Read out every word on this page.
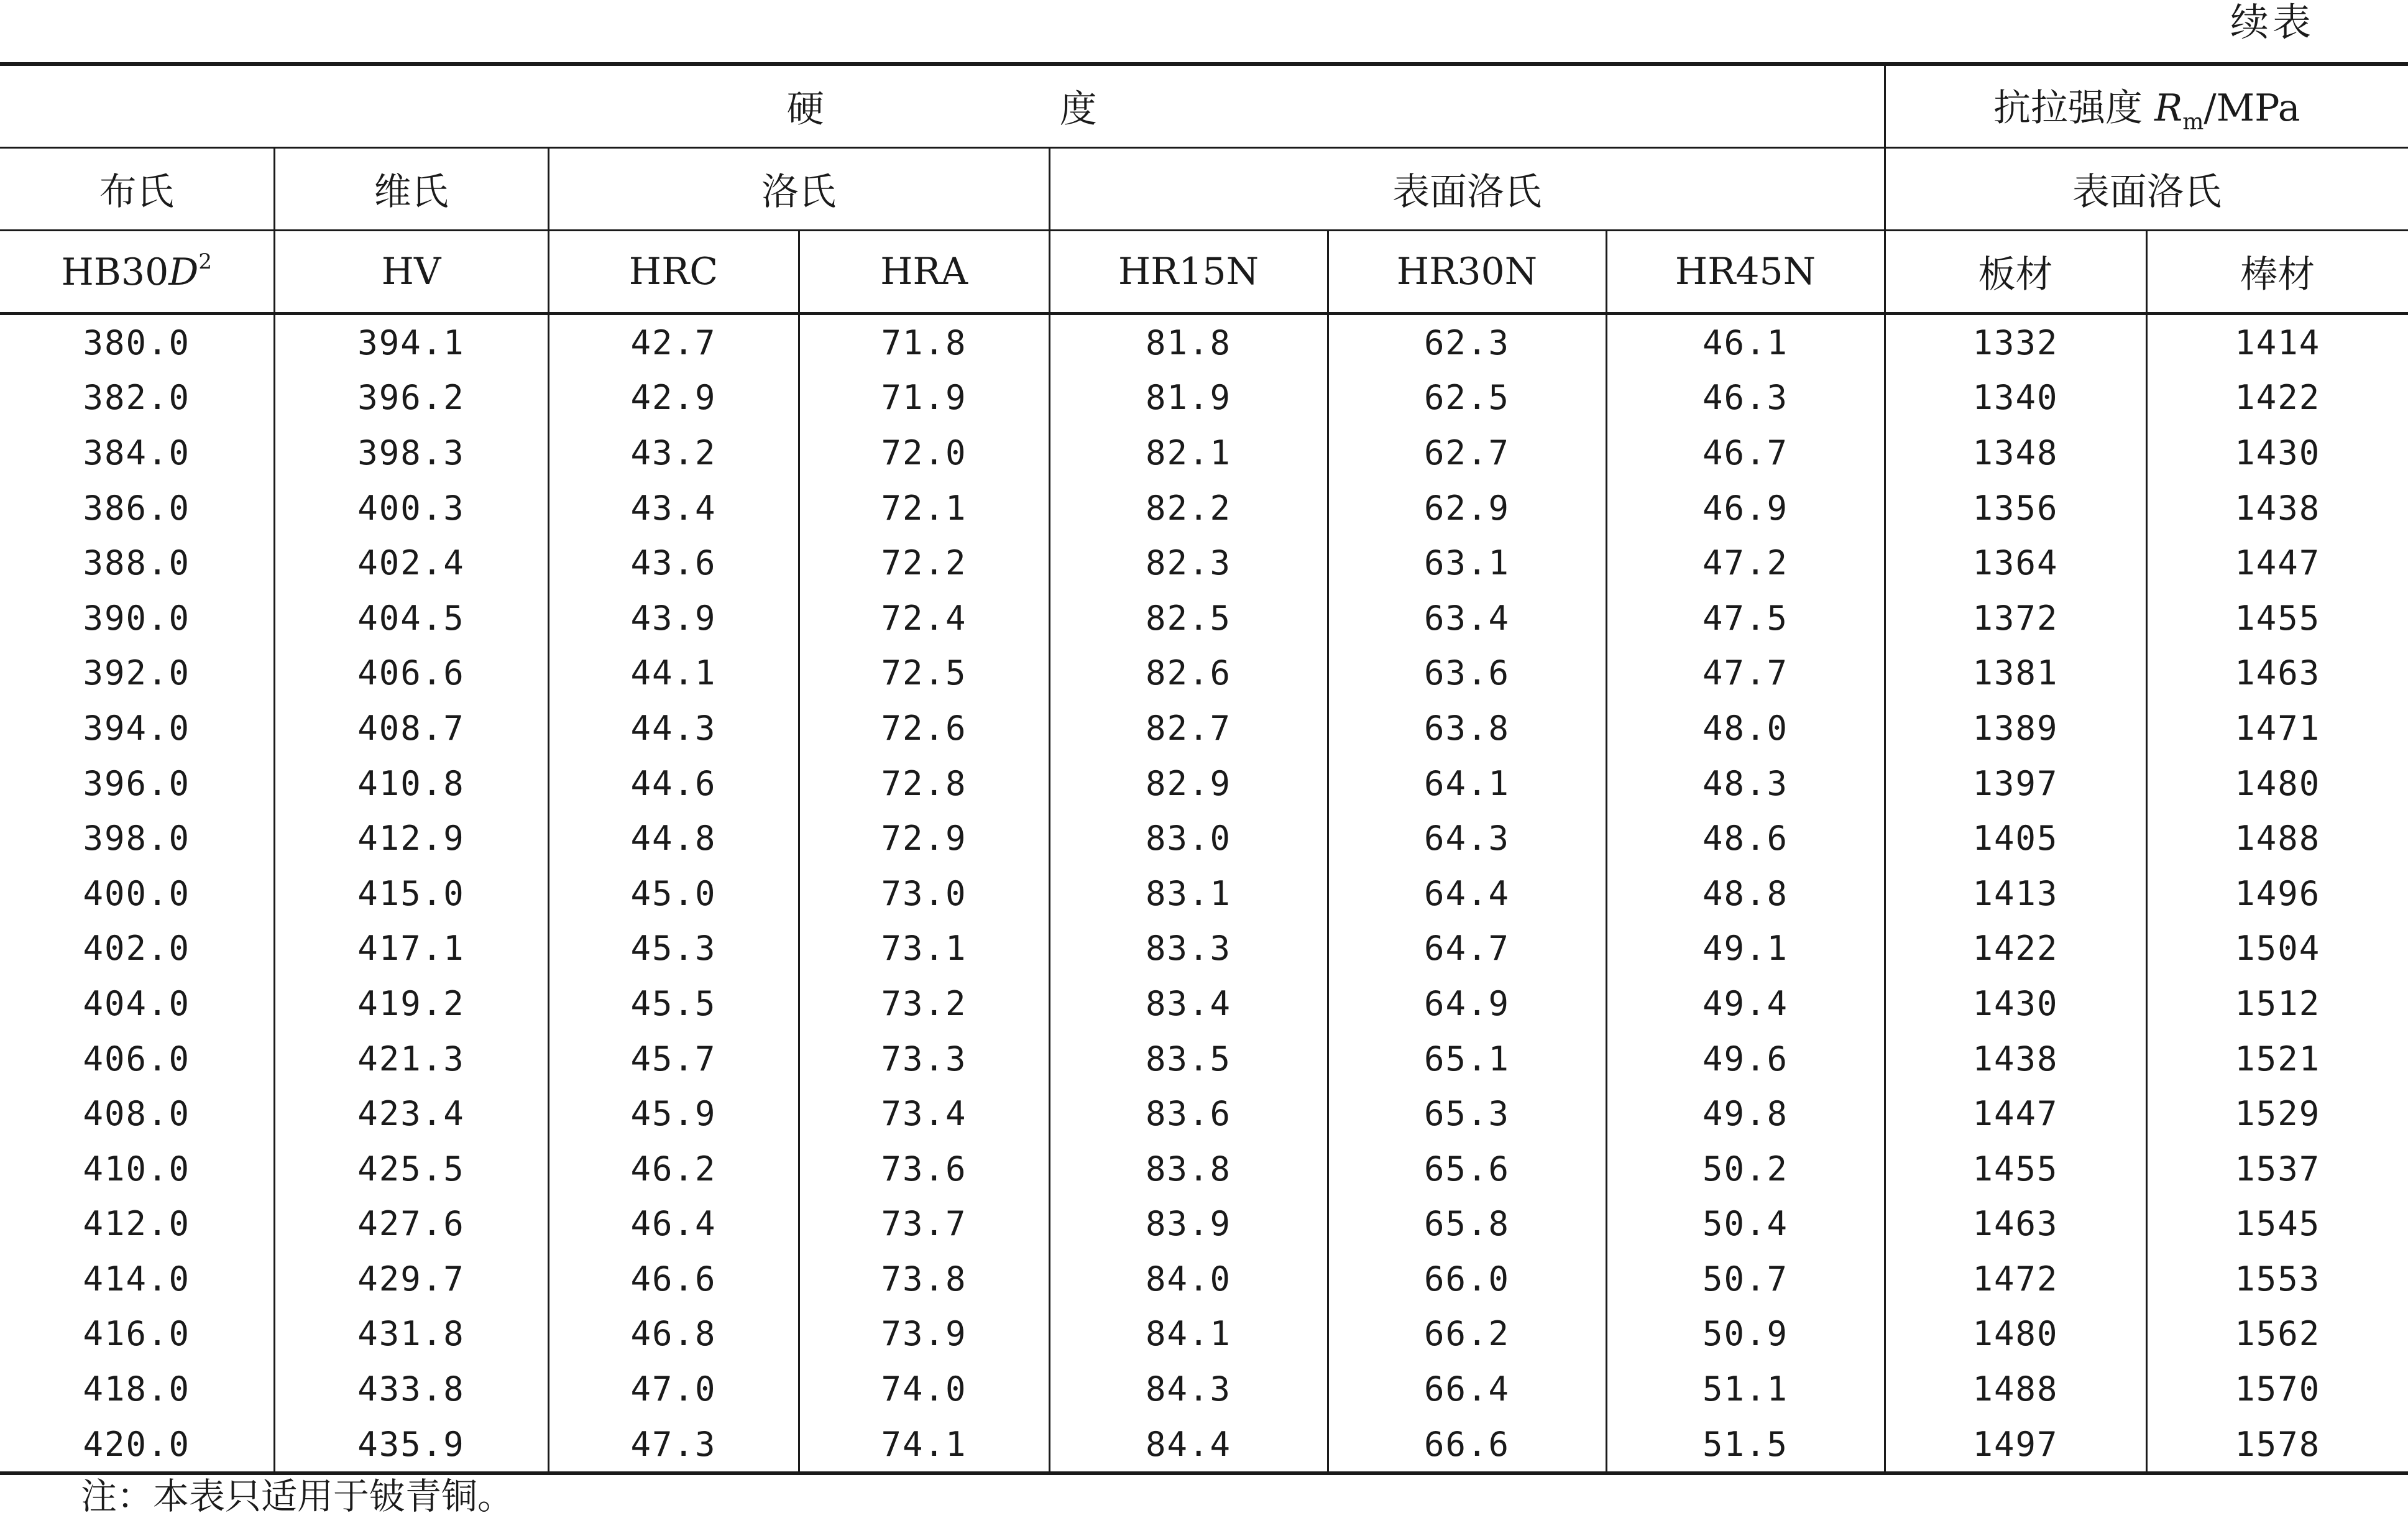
续表
硬 度							抗拉强度 $R_m$/MPa	
布氏	维氏	洛氏		表面洛氏			表面洛氏	
$HB30D^2$	HV	HRC	HRA	HR15N	HR30N	HR45N	板材	棒材
380.0	394.1	42.7	71.8	81.8	62.3	46.1	1332	1414
382.0	396.2	42.9	71.9	81.9	62.5	46.3	1340	1422
384.0	398.3	43.2	72.0	82.1	62.7	46.7	1348	1430
386.0	400.3	43.4	72.1	82.2	62.9	46.9	1356	1438
388.0	402.4	43.6	72.2	82.3	63.1	47.2	1364	1447
390.0	404.5	43.9	72.4	82.5	63.4	47.5	1372	1455
392.0	406.6	44.1	72.5	82.6	63.6	47.7	1381	1463
394.0	408.7	44.3	72.6	82.7	63.8	48.0	1389	1471
396.0	410.8	44.6	72.8	82.9	64.1	48.3	1397	1480
398.0	412.9	44.8	72.9	83.0	64.3	48.6	1405	1488
400.0	415.0	45.0	73.0	83.1	64.4	48.8	1413	1496
402.0	417.1	45.3	73.1	83.3	64.7	49.1	1422	1504
404.0	419.2	45.5	73.2	83.4	64.9	49.4	1430	1512
406.0	421.3	45.7	73.3	83.5	65.1	49.6	1438	1521
408.0	423.4	45.9	73.4	83.6	65.3	49.8	1447	1529
410.0	425.5	46.2	73.6	83.8	65.6	50.2	1455	1537
412.0	427.6	46.4	73.7	83.9	65.8	50.4	1463	1545
414.0	429.7	46.6	73.8	84.0	66.0	50.7	1472	1553
416.0	431.8	46.8	73.9	84.1	66.2	50.9	1480	1562
418.0	433.8	47.0	74.0	84.3	66.4	51.1	1488	1570
420.0	435.9	47.3	74.1	84.4	66.6	51.5	1497	1578
注：本表只适用于铍青铜。
